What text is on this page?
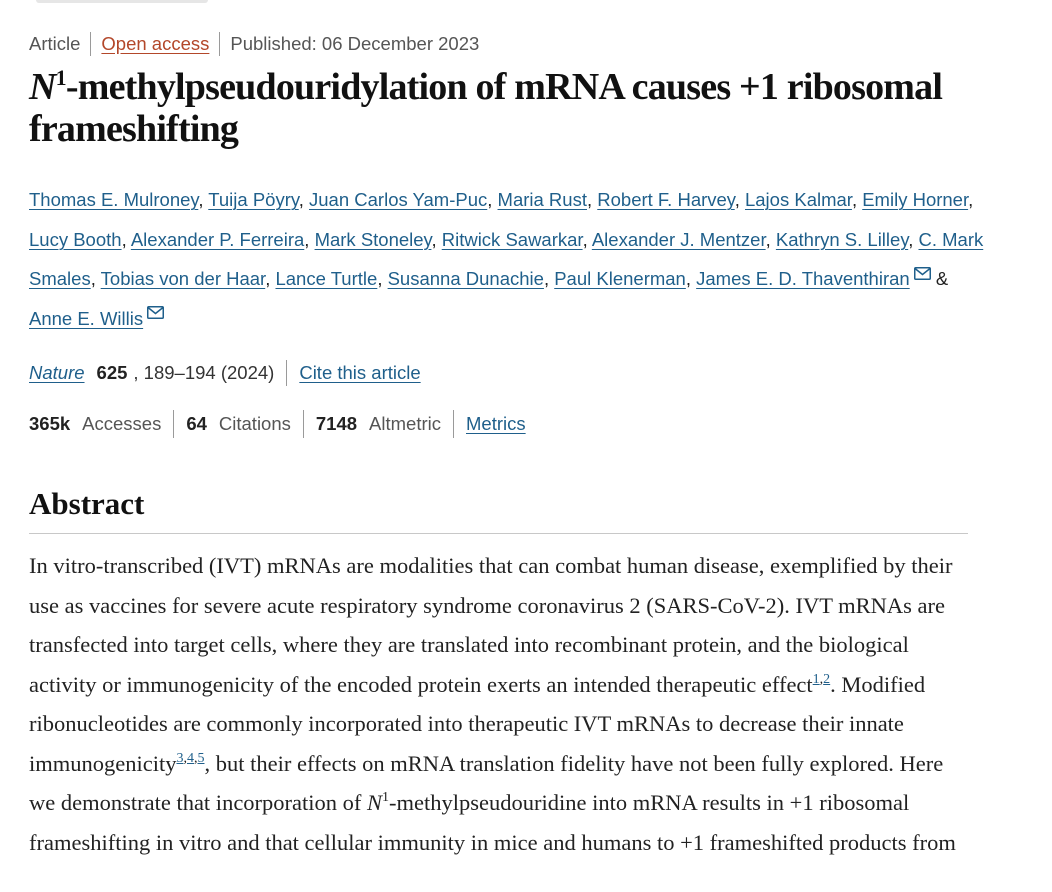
Article Open access Published: 06 December 2023
$N^1$-methylpseudouridylation of mRNA causes +1 ribosomal frameshifting
Thomas E. Mulroney, Tuija Pöyry, Juan Carlos Yam-Puc, Maria Rust, Robert F. Harvey, Lajos Kalmar, Emily Horner, Lucy Booth, Alexander P. Ferreira, Mark Stoneley, Ritwick Sawarkar, Alexander J. Mentzer, Kathryn S. Lilley, C. Mark Smales, Tobias von der Haar, Lance Turtle, Susanna Dunachie, Paul Klenerman, James E. D. Thaventhiran & Anne E. Willis
Nature 625 , 189–194 (2024) Cite this article
365k Accesses 64 Citations 7148 Altmetric Metrics
Abstract

In vitro-transcribed (IVT) mRNAs are modalities that can combat human disease, exemplified by their use as vaccines for severe acute respiratory syndrome coronavirus 2 (SARS-CoV-2). IVT mRNAs are transfected into target cells, where they are translated into recombinant protein, and the biological activity or immunogenicity of the encoded protein exerts an intended therapeutic effect$^{1,2}$. Modified ribonucleotides are commonly incorporated into therapeutic IVT mRNAs to decrease their innate immunogenicity$^{3,4,5}$, but their effects on mRNA translation fidelity have not been fully explored. Here we demonstrate that incorporation of $N^1$-methylpseudouridine into mRNA results in +1 ribosomal frameshifting in vitro and that cellular immunity in mice and humans to +1 frameshifted products from
